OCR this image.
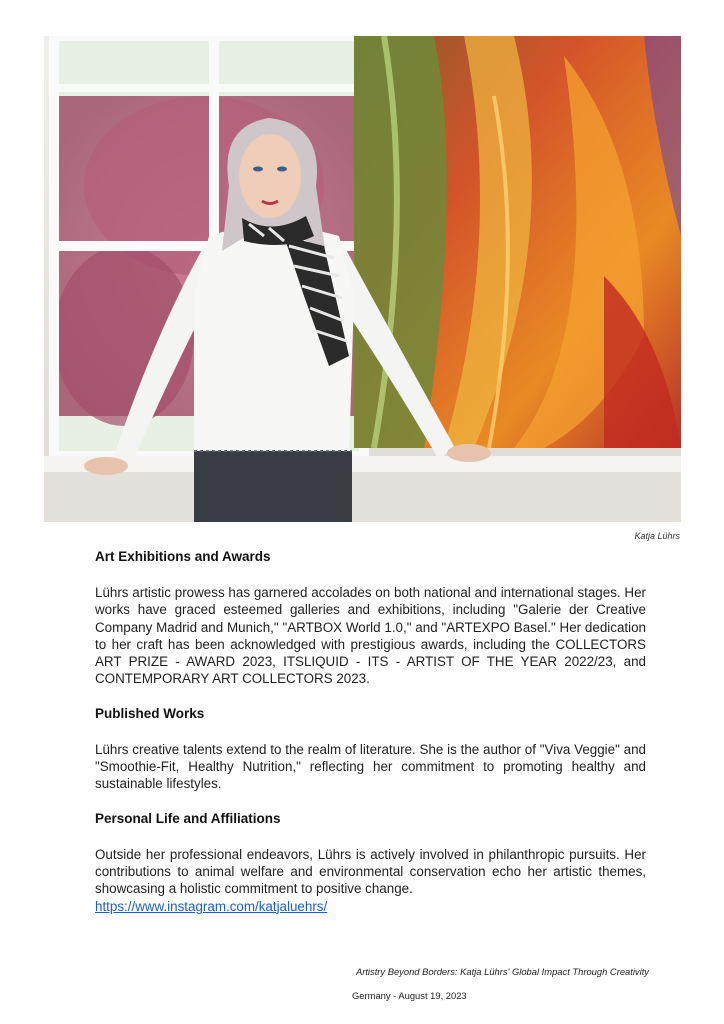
Katja Lührs
Art Exhibitions and Awards

Lührs artistic prowess has garnered accolades on both national and international stages. Her works have graced esteemed galleries and exhibitions, including "Galerie der Creative Company Madrid and Munich," "ARTBOX World 1.0," and "ARTEXPO Basel." Her dedication to her craft has been acknowledged with prestigious awards, including the COLLECTORS ART PRIZE - AWARD 2023, ITSLIQUID - ITS - ARTIST OF THE YEAR 2022/23, and CONTEMPORARY ART COLLECTORS 2023.

Published Works

Lührs creative talents extend to the realm of literature. She is the author of "Viva Veggie" and "Smoothie-Fit, Healthy Nutrition," reflecting her commitment to promoting healthy and sustainable lifestyles.

Personal Life and Affiliations

Outside her professional endeavors, Lührs is actively involved in philanthropic pursuits. Her contributions to animal welfare and environmental conservation echo her artistic themes, showcasing a holistic commitment to positive change.

https://www.instagram.com/katjaluehrs/
Artistry Beyond Borders: Katja Lührs' Global Impact Through Creativity
Germany - August 19, 2023
